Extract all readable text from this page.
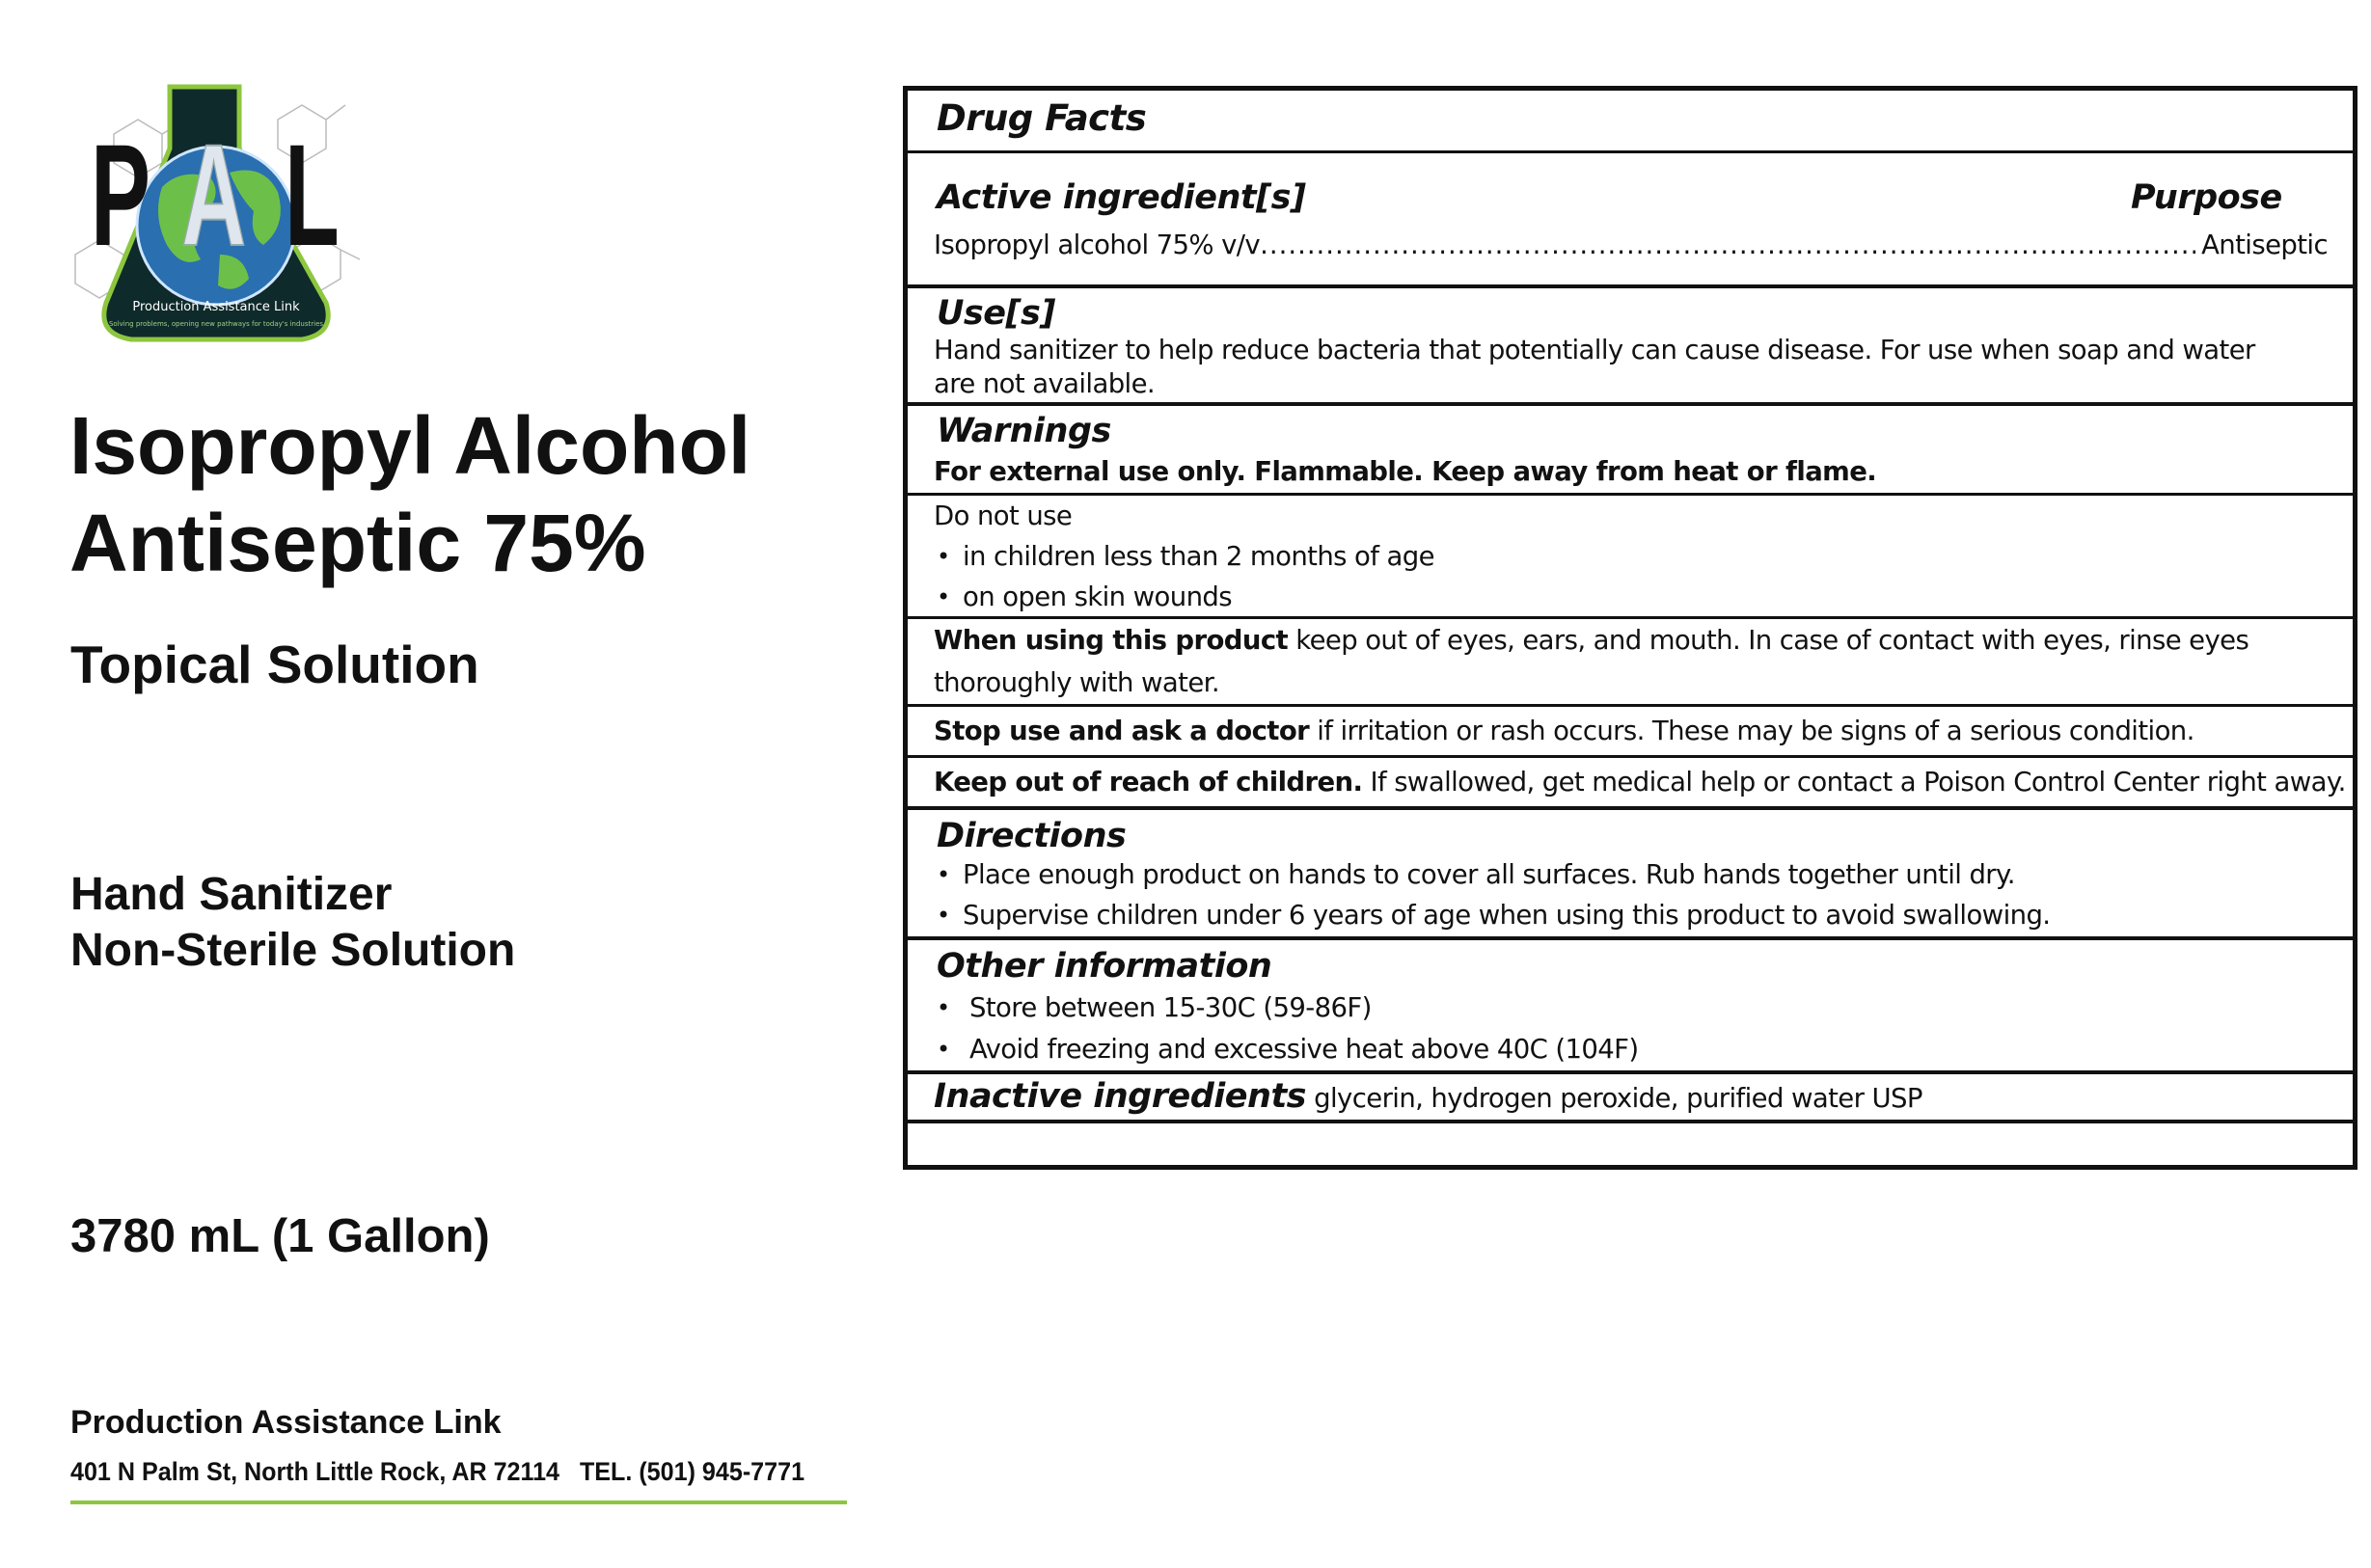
P A L
Production Assistance Link
Solving problems, opening new pathways for today's industries
Isopropyl Alcohol
Antiseptic 75%
Topical Solution
Hand Sanitizer
Non-Sterile Solution
3780 mL (1 Gallon)
Production Assistance Link
401 N Palm St, North Little Rock, AR 72114   TEL. (501) 945-7771
Drug Facts
Active ingredient[s]	Purpose
Isopropyl alcohol 75% v/v
.....	Antiseptic
Use[s]
Hand sanitizer to help reduce bacteria that potentially can cause disease. For use when soap and water
are not available.
Warnings
For external use only. Flammable. Keep away from heat or flame.
Do not use
• in children less than 2 months of age
• on open skin wounds
When using this product keep out of eyes, ears, and mouth. In case of contact with eyes, rinse eyes
thoroughly with water.
Stop use and ask a doctor if irritation or rash occurs. These may be signs of a serious condition.
Keep out of reach of children. If swallowed, get medical help or contact a Poison Control Center right away.
Directions
• Place enough product on hands to cover all surfaces. Rub hands together until dry.
• Supervise children under 6 years of age when using this product to avoid swallowing.
Other information
• Store between 15-30C (59-86F)
• Avoid freezing and excessive heat above 40C (104F)
Inactive ingredients glycerin, hydrogen peroxide, purified water USP
